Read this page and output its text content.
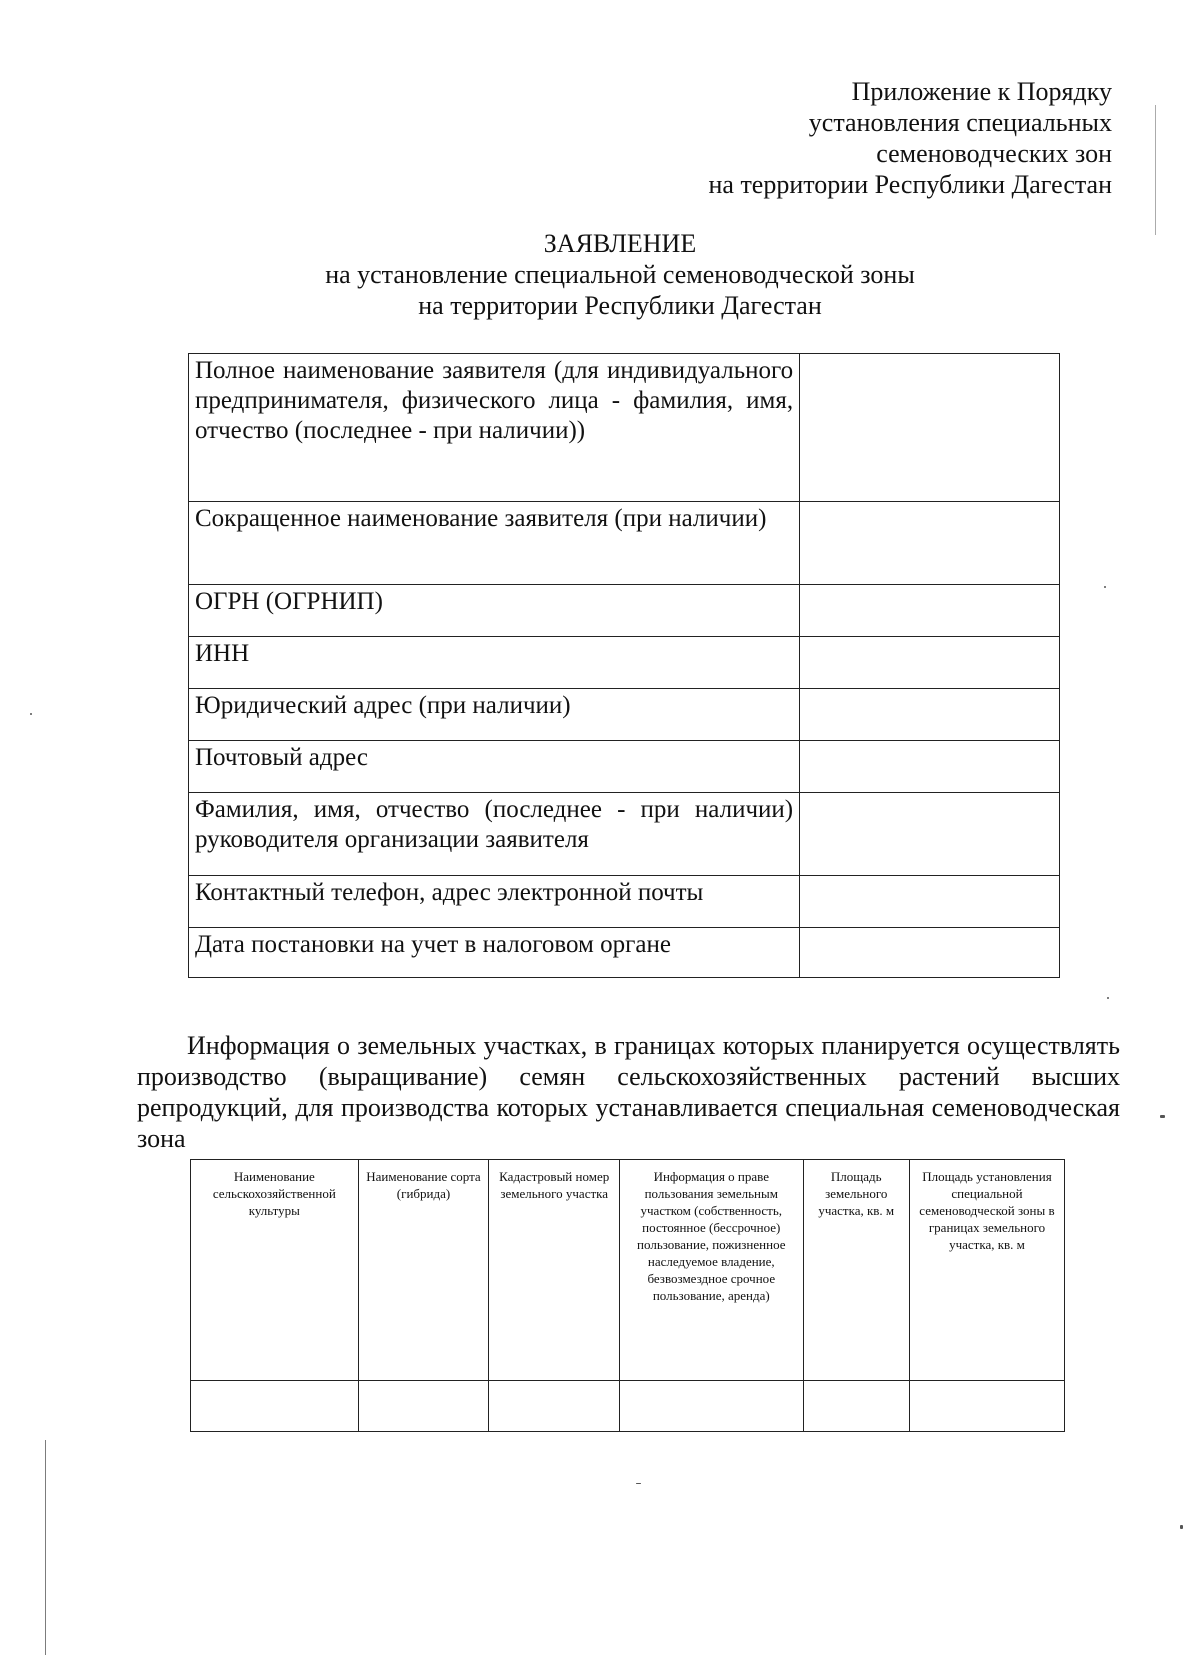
Приложение к Порядку
установления специальных
семеноводческих зон
на территории Республики Дагестан
ЗАЯВЛЕНИЕ
на установление специальной семеноводческой зоны
на территории Республики Дагестан
Полное наименование заявителя (для индивидуального предпринимателя, физического лица - фамилия, имя, отчество (последнее - при наличии))	
Сокращенное наименование заявителя (при наличии)	
ОГРН (ОГРНИП)	
ИНН	
Юридический адрес (при наличии)	
Почтовый адрес	
Фамилия, имя, отчество (последнее - при наличии) руководителя организации заявителя	
Контактный телефон, адрес электронной почты	
Дата постановки на учет в налоговом органе	

Информация о земельных участках, в границах которых планируется осуществлять производство (выращивание) семян сельскохозяйственных растений высших репродукций, для производства которых устанавливается специальная семеноводческая зона

Наименование сельскохозяйственной культуры	Наименование сорта (гибрида)	Кадастровый номер земельного участка	Информация о праве пользования земельным участком (собственность, постоянное (бессрочное) пользование, пожизненное наследуемое владение, безвозмездное срочное пользование, аренда)	Площадь земельного участка, кв. м	Площадь установления специальной семеноводческой зоны в границах земельного участка, кв. м
